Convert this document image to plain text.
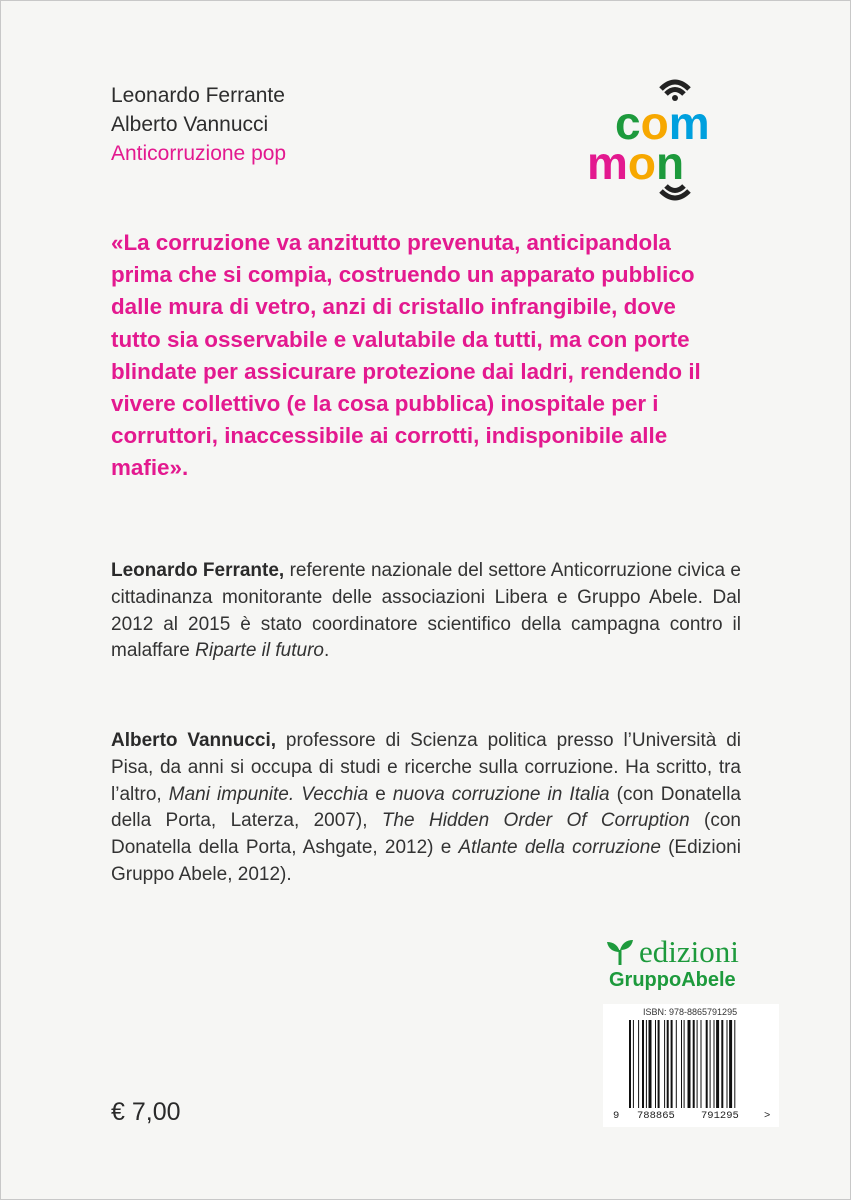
Leonardo Ferrante
Alberto Vannucci
Anticorruzione pop
com
mon
«La corruzione va anzitutto prevenuta, anticipandola prima che si compia, costruendo un apparato pubblico dalle mura di vetro, anzi di cristallo infrangibile, dove tutto sia osservabile e valutabile da tutti, ma con porte blindate per assicurare protezione dai ladri, rendendo il vivere collettivo (e la cosa pubblica) inospitale per i corruttori, inaccessibile ai corrotti, indisponibile alle mafie».
Leonardo Ferrante, referente nazionale del settore Anticorruzione civica e cittadinanza monitorante delle associazioni Libera e Gruppo Abele. Dal 2012 al 2015 è stato coordinatore scientifico della campagna contro il malaffare Riparte il futuro.
Alberto Vannucci, professore di Scienza politica presso l’Università di Pisa, da anni si occupa di studi e ricerche sulla corruzione. Ha scritto, tra l’altro, Mani impunite. Vecchia e nuova corruzione in Italia (con Donatella della Porta, Laterza, 2007), The Hidden Order Of Corruption (con Donatella della Porta, Ashgate, 2012) e Atlante della corruzione (Edizioni Gruppo Abele, 2012).
edizioni
GruppoAbele
ISBN: 978-8865791295
9 788865 791295 >
€ 7,00
